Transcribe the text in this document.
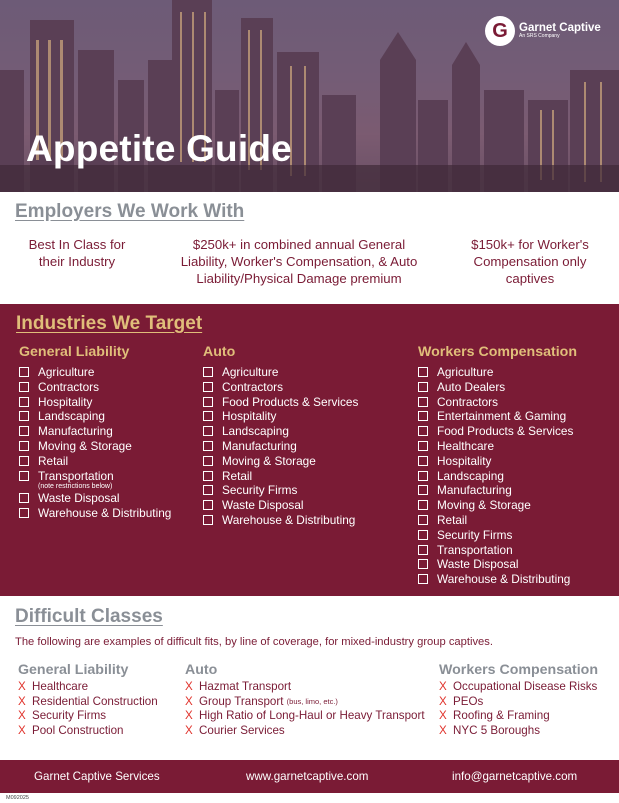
Appetite Guide
G Garnet Captive
An SRS Company
Employers We Work With
Best In Class for their Industry
$250k+ in combined annual General Liability, Worker's Compensation, & Auto Liability/Physical Damage premium
$150k+ for Worker's Compensation only captives
Industries We Target
General Liability
Agriculture
Contractors
Hospitality
Landscaping
Manufacturing
Moving & Storage
Retail
Transportation
(note restrictions below)
Waste Disposal
Warehouse & Distributing
Auto
Agriculture
Contractors
Food Products & Services
Hospitality
Landscaping
Manufacturing
Moving & Storage
Retail
Security Firms
Waste Disposal
Warehouse & Distributing
Workers Compensation
Agriculture
Auto Dealers
Contractors
Entertainment & Gaming
Food Products & Services
Healthcare
Hospitality
Landscaping
Manufacturing
Moving & Storage
Retail
Security Firms
Transportation
Waste Disposal
Warehouse & Distributing
Difficult Classes
The following are examples of difficult fits, by line of coverage, for mixed-industry group captives.
General Liability
X Healthcare
X Residential Construction
X Security Firms
X Pool Construction
Auto
X Hazmat Transport
X Group Transport
(bus, limo, etc.)
X High Ratio of Long-Haul or Heavy Transport
X Courier Services
Workers Compensation
X Occupational Disease Risks
X PEOs
X Roofing & Framing
X NYC 5 Boroughs
Garnet Captive Services	www.garnetcaptive.com	info@garnetcaptive.com
M092025
